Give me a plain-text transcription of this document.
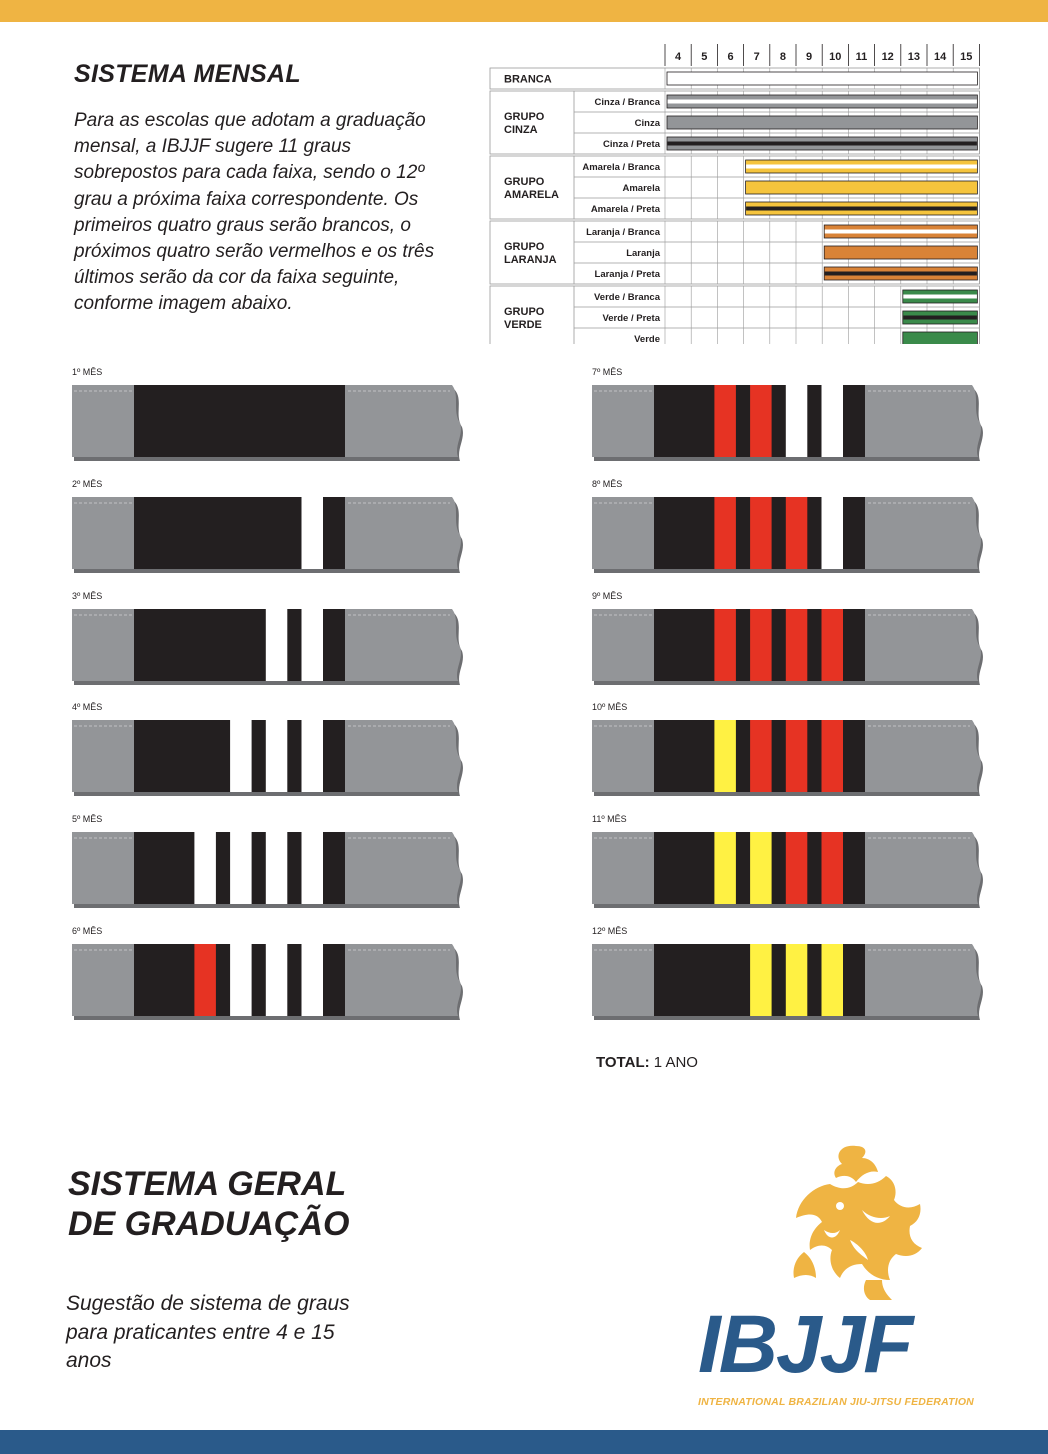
SISTEMA MENSAL

Para as escolas que adotam a graduação mensal, a IBJJF sugere 11 graus sobrepostos para cada faixa, sendo o 12º grau a próxima faixa correspondente. Os primeiros quatro graus serão brancos, o próximos quatro serão vermelhos e os três últimos serão da cor da faixa seguinte, conforme imagem abaixo.

4 5 6 7 8 9 10 11 12 13 14 15
BRANCA
GRUPO
CINZA
Cinza / Branca
Cinza
Cinza / Preta
GRUPO
AMARELA
Amarela / Branca
Amarela
Amarela / Preta
GRUPO
LARANJA
Laranja / Branca
Laranja
Laranja / Preta
GRUPO
VERDE
Verde / Branca
Verde / Preta
Verde
1º MÊS
2º MÊS
3º MÊS
4º MÊS
5º MÊS
6º MÊS
7º MÊS
8º MÊS
9º MÊS
10º MÊS
11º MÊS
12º MÊS
TOTAL: 1 ANO
SISTEMA GERAL
DE GRADUAÇÃO

Sugestão de sistema de graus para praticantes entre 4 e 15 anos	IBJJF
INTERNATIONAL BRAZILIAN JIU-JITSU FEDERATION
